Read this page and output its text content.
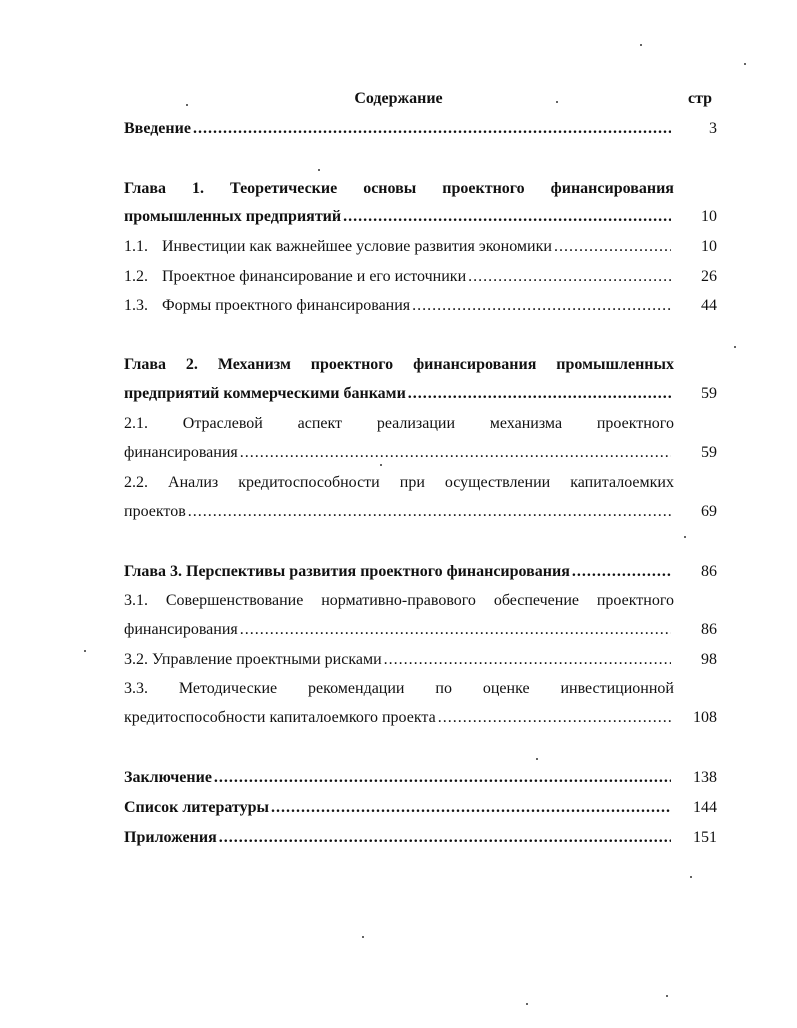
Содержание	стр
Введение .....	3
Глава 1. Теоретические основы проектного финансирования
промышленных предприятий .....	10
1.1. Инвестиции как важнейшее условие развития экономики .....	10
1.2. Проектное финансирование и его источники .....	26
1.3. Формы проектного финансирования .....	44
Глава 2. Механизм проектного финансирования промышленных
предприятий коммерческими банками .....	59
2.1. Отраслевой аспект реализации механизма проектного
финансирования .....	59
2.2. Анализ кредитоспособности при осуществлении капиталоемких
проектов .....	69
Глава 3. Перспективы развития проектного финансирования .....	86
3.1. Совершенствование нормативно-правового обеспечение проектного
финансирования .....	86
3.2. Управление проектными рисками .....	98
3.3. Методические рекомендации по оценке инвестиционной
кредитоспособности капиталоемкого проекта .....	108
Заключение .....	138
Список литературы .....	144
Приложения .....	151
